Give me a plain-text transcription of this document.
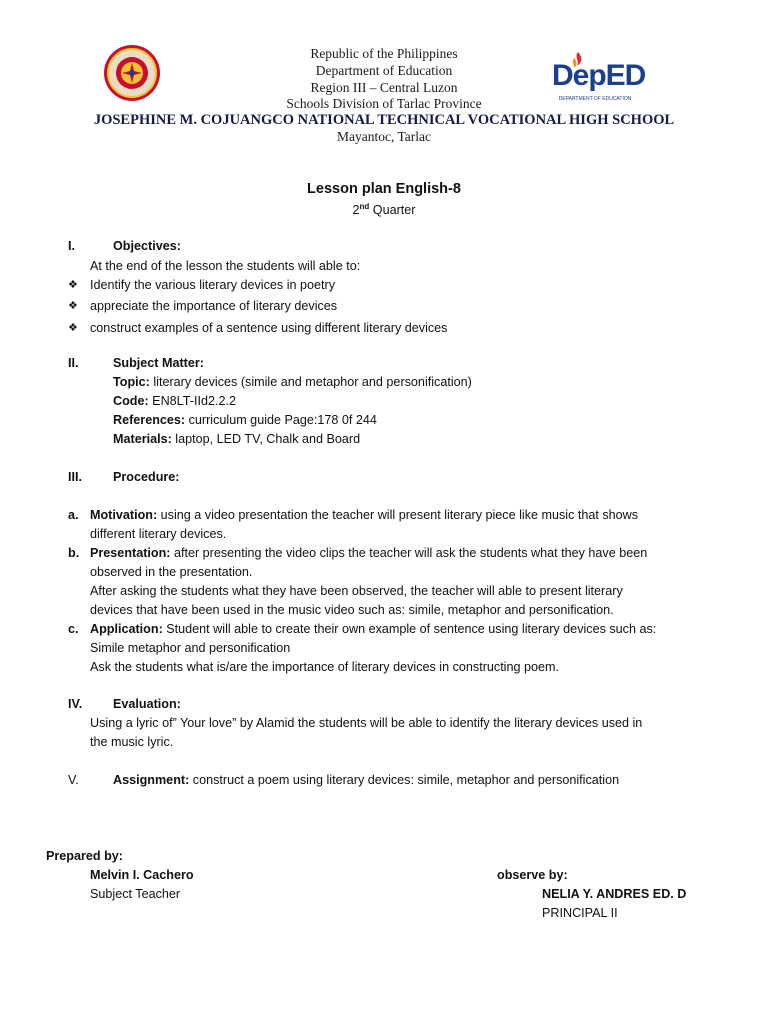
DepED
DEPARTMENT OF EDUCATION
Republic of the Philippines
Department of Education
Region III – Central Luzon
Schools Division of Tarlac Province
JOSEPHINE M. COJUANGCO NATIONAL TECHNICAL VOCATIONAL HIGH SCHOOL
Mayantoc, Tarlac
Lesson plan English-8
2nd Quarter
I.	Objectives:
At the end of the lesson the students will able to:
❖ Identify the various literary devices in poetry
❖ appreciate the importance of literary devices
❖ construct examples of a sentence using different literary devices
II.	Subject Matter:
Topic: literary devices (simile and metaphor and personification)
Code: EN8LT-IId2.2.2
References: curriculum guide Page:178 0f 244
Materials: laptop, LED TV, Chalk and Board
III. Procedure:
a. Motivation: using a video presentation the teacher will present literary piece like music that shows
different literary devices.
b. Presentation: after presenting the video clips the teacher will ask the students what they have been
observed in the presentation.
After asking the students what they have been observed, the teacher will able to present literary
devices that have been used in the music video such as: simile, metaphor and personification.
c. Application: Student will able to create their own example of sentence using literary devices such as:
Simile metaphor and personification
Ask the students what is/are the importance of literary devices in constructing poem.
IV. Evaluation:
Using a lyric of” Your love” by Alamid the students will be able to identify the literary devices used in
the music lyric.
V.	Assignment: construct a poem using literary devices: simile, metaphor and personification
Prepared by:
Melvin I. Cachero
Subject Teacher
observe by:
NELIA Y. ANDRES ED. D
PRINCIPAL II
